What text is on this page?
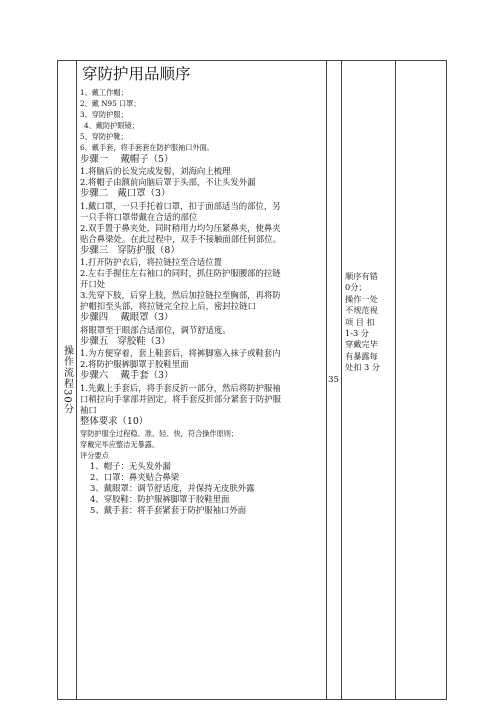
操作流程30分
穿防护用品顺序
1、戴工作帽；
2、戴 N95 口罩；
3、穿防护服；
4、戴防护眼镜；
5、穿防护靴；
6、戴手套，将手套套在防护服袖口外面。
步骤一　 戴帽子（5）
1.将脑后的长发完成发髻，刘海向上梳理
2.将帽子由额前向脑后罩于头部，不让头发外漏
步骤二　戴口罩（3）
1.戴口罩，一只手托着口罩，扣于面部适当的部位，另
一只手将口罩带戴在合适的部位
2.双手置于鼻夹处，同时稍用力均匀压紧鼻夹，使鼻夹
贴合鼻梁处。在此过程中，双手不接触面部任何部位。
步骤三　穿防护服（8）
1.打开防护衣后，将拉链拉至合适位置
2.左右手握住左右袖口的同时，抓住防护服腰部的拉链
开口处
3.先穿下肢，后穿上肢，然后加拉链拉至胸部，再将防
护帽扣至头部，将拉链完全拉上后，密封拉链口
步骤四　 戴眼罩（3）
将眼罩至于眼部合适部位，调节舒适度。
步骤五　穿胶鞋（3）
1.为方便穿着，套上鞋套后，将裤脚塞入袜子或鞋套内
2.将防护服裤脚罩于胶鞋里面
步骤六　 戴手套（3）
1.先戴上手套后，将手套反折一部分，然后将防护服袖
口稍拉向手掌部并固定，将手套反折部分紧套于防护服
袖口
整体要求（10）
穿防护服全过程稳、准、轻、快，符合操作原则；
穿戴完毕应整洁无暴露。
评分要点
1、帽子：无头发外漏
2、口罩：鼻夹贴合鼻梁
3、戴眼罩：调节舒适度，并保持无皮肤外露
4、穿胶鞋：防护服裤脚罩于胶鞋里面
5、戴手套：将手套紧套于防护服袖口外面
35
顺序有错
0分；
操作一处
不规范视
项 目 扣
1-3 分
穿戴完毕
有暴露每
处扣 3 分
